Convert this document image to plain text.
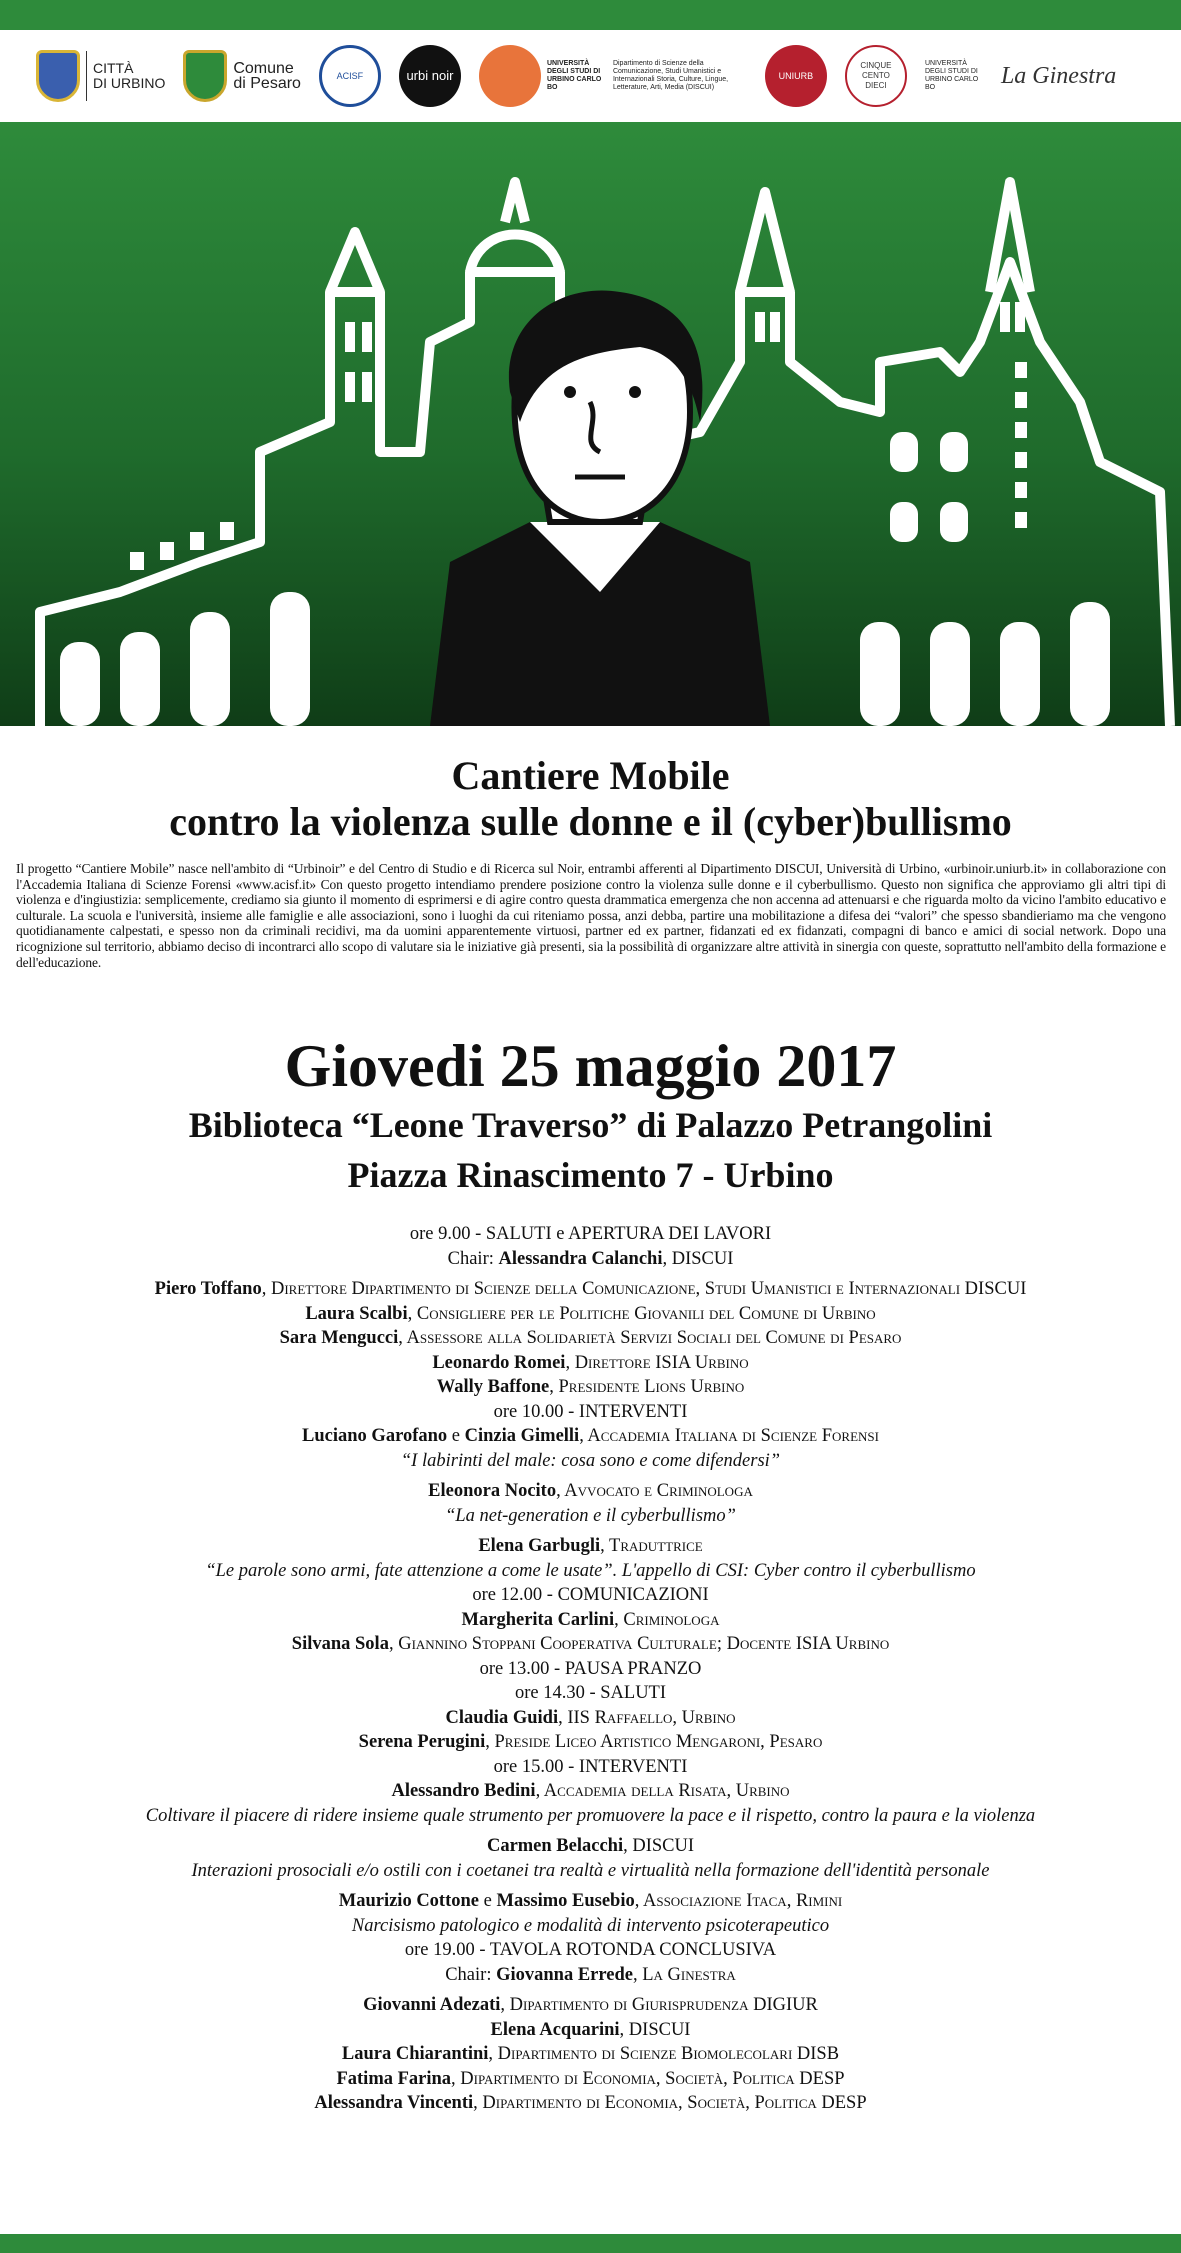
CITTÀ
DI URBINO
Comune
di Pesaro	ACISF	urbi noir
UNIVERSITÀ DEGLI STUDI DI URBINO CARLO BO
Dipartimento di Scienze della Comunicazione, Studi Umanistici e Internazionali Storia, Culture, Lingue, Letterature, Arti, Media (DISCUI)
UNIURB
CINQUE
CENTO
DIECI
UNIVERSITÀ DEGLI STUDI DI URBINO CARLO BO	La Ginestra
Cantiere Mobile
contro la violenza sulle donne e il (cyber)bullismo
Il progetto “Cantiere Mobile” nasce nell'ambito di “Urbinoir” e del Centro di Studio e di Ricerca sul Noir, entrambi afferenti al Dipartimento DISCUI, Università di Urbino, «urbinoir.uniurb.it» in collaborazione con l'Accademia Italiana di Scienze Forensi «www.acisf.it» Con questo progetto intendiamo prendere posizione contro la violenza sulle donne e il cyberbullismo. Questo non significa che approviamo gli altri tipi di violenza e d'ingiustizia: semplicemente, crediamo sia giunto il momento di esprimersi e di agire contro questa drammatica emergenza che non accenna ad attenuarsi e che riguarda molto da vicino l'ambito educativo e culturale. La scuola e l'università, insieme alle famiglie e alle associazioni, sono i luoghi da cui riteniamo possa, anzi debba, partire una mobilitazione a difesa dei “valori” che spesso sbandieriamo ma che vengono quotidianamente calpestati, e spesso non da criminali recidivi, ma da uomini apparentemente virtuosi, partner ed ex partner, fidanzati ed ex fidanzati, compagni di banco e amici di social network. Dopo una ricognizione sul territorio, abbiamo deciso di incontrarci allo scopo di valutare sia le iniziative già presenti, sia la possibilità di organizzare altre attività in sinergia con queste, soprattutto nell'ambito della formazione e dell'educazione.
Giovedi 25 maggio 2017
Biblioteca “Leone Traverso” di Palazzo Petrangolini
Piazza Rinascimento 7 - Urbino
ore 9.00 - SALUTI e APERTURA DEI LAVORI
Chair: Alessandra Calanchi, DISCUI
Piero Toffano, Direttore Dipartimento di Scienze della Comunicazione, Studi Umanistici e Internazionali DISCUI
Laura Scalbi, Consigliere per le Politiche Giovanili del Comune di Urbino
Sara Mengucci, Assessore alla Solidarietà Servizi Sociali del Comune di Pesaro
Leonardo Romei, Direttore ISIA Urbino
Wally Baffone, Presidente Lions Urbino
ore 10.00 - INTERVENTI
Luciano Garofano e Cinzia Gimelli, Accademia Italiana di Scienze Forensi
“I labirinti del male: cosa sono e come difendersi”
Eleonora Nocito, Avvocato e Criminologa
“La net-generation e il cyberbullismo”
Elena Garbugli, Traduttrice
“Le parole sono armi, fate attenzione a come le usate”. L'appello di CSI: Cyber contro il cyberbullismo
ore 12.00 - COMUNICAZIONI
Margherita Carlini, Criminologa
Silvana Sola, Giannino Stoppani Cooperativa Culturale; Docente ISIA Urbino
ore 13.00 - PAUSA PRANZO
ore 14.30 - SALUTI
Claudia Guidi, IIS Raffaello, Urbino
Serena Perugini, Preside Liceo Artistico Mengaroni, Pesaro
ore 15.00 - INTERVENTI
Alessandro Bedini, Accademia della Risata, Urbino
Coltivare il piacere di ridere insieme quale strumento per promuovere la pace e il rispetto, contro la paura e la violenza
Carmen Belacchi, DISCUI
Interazioni prosociali e/o ostili con i coetanei tra realtà e virtualità nella formazione dell'identità personale
Maurizio Cottone e Massimo Eusebio, Associazione Itaca, Rimini
Narcisismo patologico e modalità di intervento psicoterapeutico
ore 19.00 - TAVOLA ROTONDA CONCLUSIVA
Chair: Giovanna Errede, La Ginestra
Giovanni Adezati, Dipartimento di Giurisprudenza DIGIUR
Elena Acquarini, DISCUI
Laura Chiarantini, Dipartimento di Scienze Biomolecolari DISB
Fatima Farina, Dipartimento di Economia, Società, Politica DESP
Alessandra Vincenti, Dipartimento di Economia, Società, Politica DESP
